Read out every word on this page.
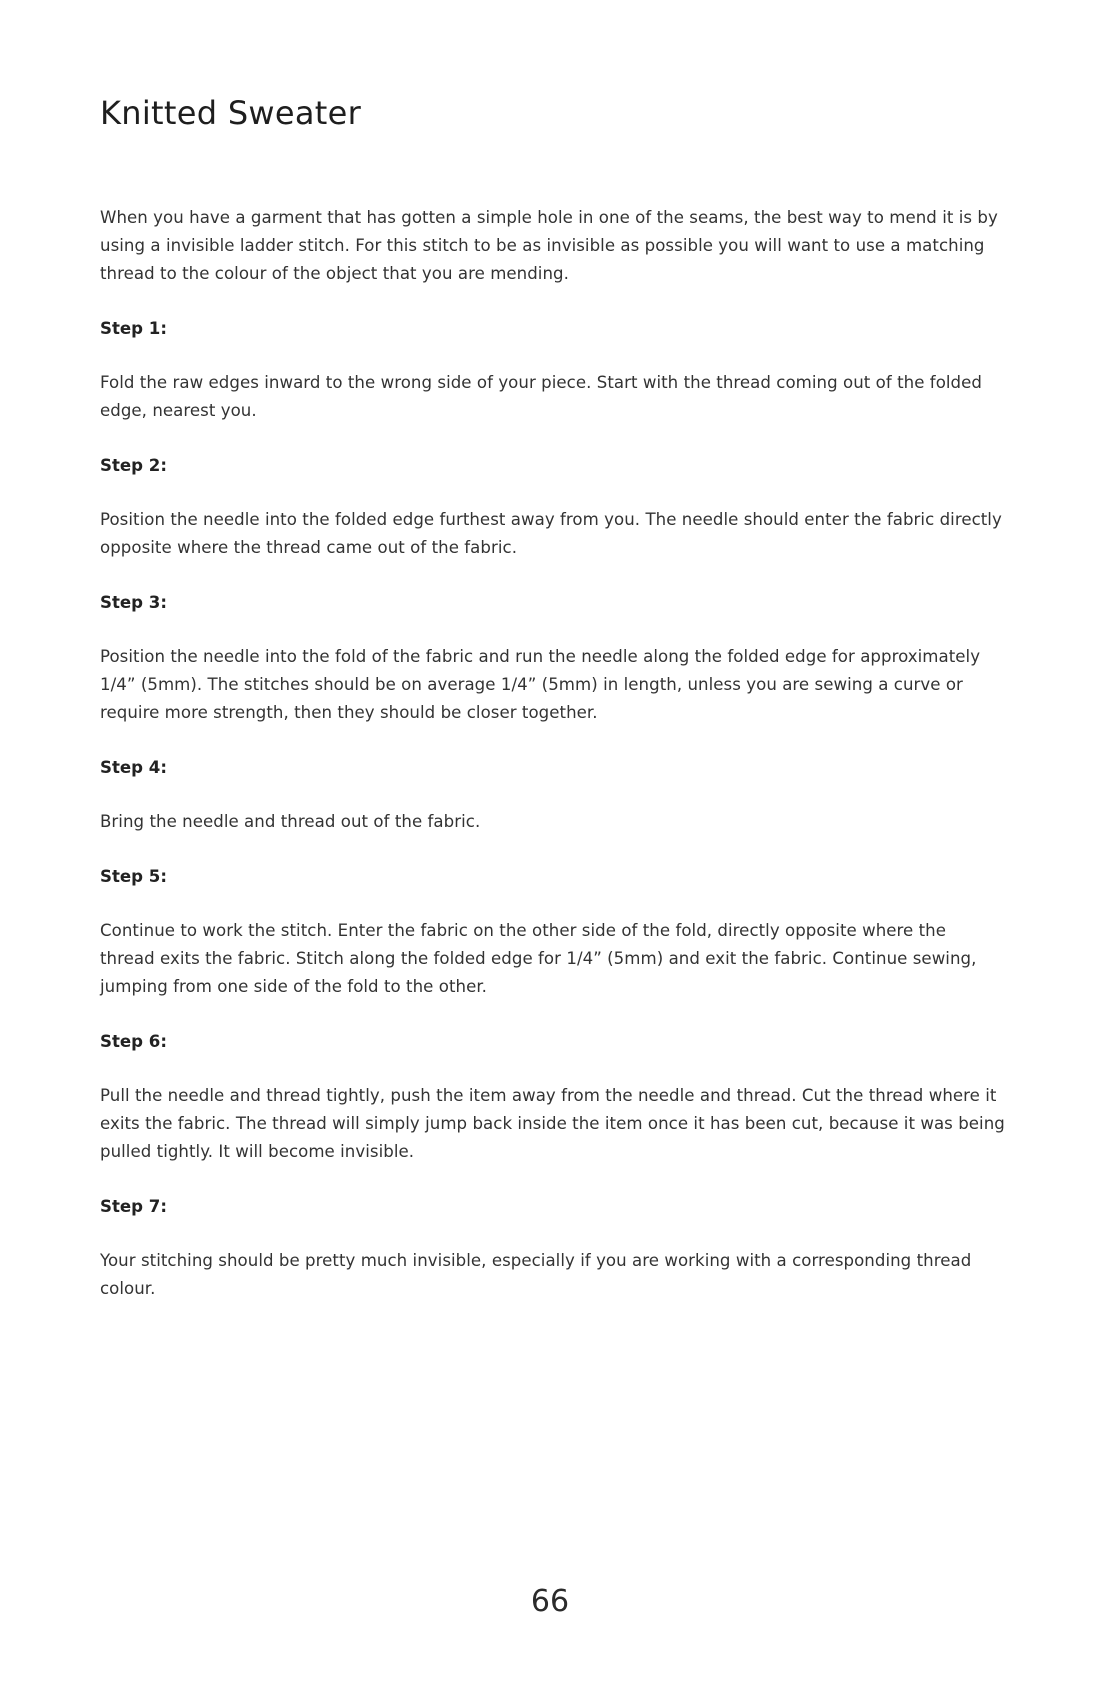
Knitted Sweater

When you have a garment that has gotten a simple hole in one of the seams, the best way to mend it is by using a invisible ladder stitch. For this stitch to be as invisible as possible you will want to use a matching thread to the colour of the object that you are mending.

Step 1:

Fold the raw edges inward to the wrong side of your piece. Start with the thread coming out of the folded edge, nearest you.

Step 2:

Position the needle into the folded edge furthest away from you. The needle should enter the fabric directly opposite where the thread came out of the fabric.

Step 3:

Position the needle into the fold of the fabric and run the needle along the folded edge for approximately 1/4” (5mm). The stitches should be on average 1/4” (5mm) in length, unless you are sewing a curve or require more strength, then they should be closer together.

Step 4:

Bring the needle and thread out of the fabric.

Step 5:

Continue to work the stitch. Enter the fabric on the other side of the fold, directly opposite where the thread exits the fabric. Stitch along the folded edge for 1/4” (5mm) and exit the fabric. Continue sewing, jumping from one side of the fold to the other.

Step 6:

Pull the needle and thread tightly, push the item away from the needle and thread. Cut the thread where it exits the fabric. The thread will simply jump back inside the item once it has been cut, because it was being pulled tightly. It will become invisible.

Step 7:

Your stitching should be pretty much invisible, especially if you are working with a corresponding thread colour.

66
